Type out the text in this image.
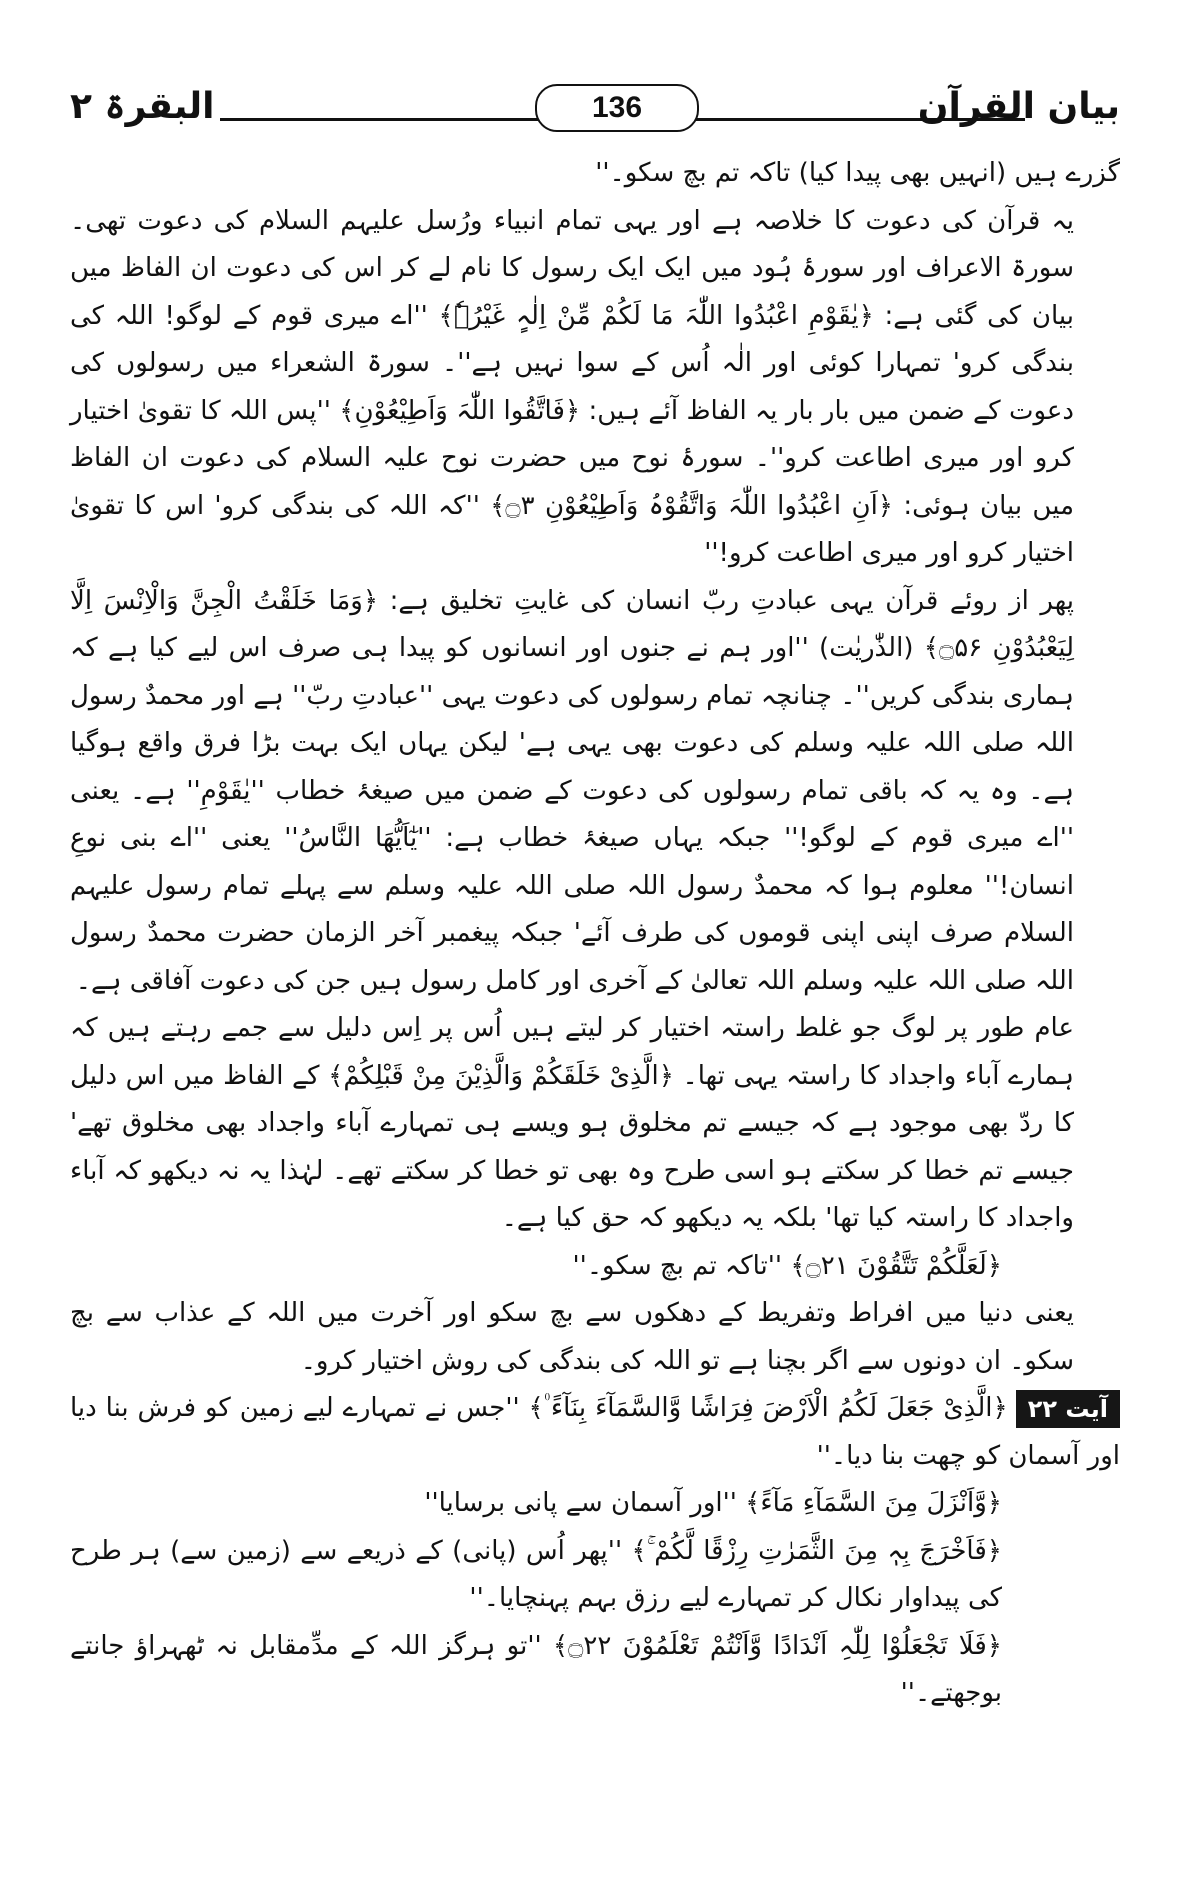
بیان القرآن
136
البقرۃ ۲

گزرے ہیں (انہیں بھی پیدا کیا) تاکہ تم بچ سکو۔''

یہ قرآن کی دعوت کا خلاصہ ہے اور یہی تمام انبیاء ورُسل علیہم السلام کی دعوت تھی۔ سورۃ الاعراف اور سورۂ ہُود میں ایک ایک رسول کا نام لے کر اس کی دعوت ان الفاظ میں بیان کی گئی ہے: ﴿یٰقَوْمِ اعْبُدُوا اللّٰہَ مَا لَکُمْ مِّنْ اِلٰہٍ غَیْرُہٗ﴾ ''اے میری قوم کے لوگو! اللہ کی بندگی کرو' تمہارا کوئی اور الٰہ اُس کے سوا نہیں ہے''۔ سورۃ الشعراء میں رسولوں کی دعوت کے ضمن میں بار بار یہ الفاظ آئے ہیں: ﴿فَاتَّقُوا اللّٰہَ وَاَطِیْعُوْنِ﴾ ''پس اللہ کا تقویٰ اختیار کرو اور میری اطاعت کرو''۔ سورۂ نوح میں حضرت نوح علیہ السلام کی دعوت ان الفاظ میں بیان ہوئی: ﴿اَنِ اعْبُدُوا اللّٰہَ وَاتَّقُوْہُ وَاَطِیْعُوْنِ ۝۳﴾ ''کہ اللہ کی بندگی کرو' اس کا تقویٰ اختیار کرو اور میری اطاعت کرو!''

پھر از روئے قرآن یہی عبادتِ ربّ انسان کی غایتِ تخلیق ہے: ﴿وَمَا خَلَقْتُ الْجِنَّ وَالْاِنْسَ اِلَّا لِیَعْبُدُوْنِ ۝۵۶﴾ (الذّٰریٰت) ''اور ہم نے جنوں اور انسانوں کو پیدا ہی صرف اس لیے کیا ہے کہ ہماری بندگی کریں''۔ چنانچہ تمام رسولوں کی دعوت یہی ''عبادتِ ربّ'' ہے اور محمدٌ رسول اللہ صلی اللہ علیہ وسلم کی دعوت بھی یہی ہے' لیکن یہاں ایک بہت بڑا فرق واقع ہوگیا ہے۔ وہ یہ کہ باقی تمام رسولوں کی دعوت کے ضمن میں صیغۂ خطاب ''یٰقَوْمِ'' ہے۔ یعنی ''اے میری قوم کے لوگو!'' جبکہ یہاں صیغۂ خطاب ہے: ''یٰٓاَیُّھَا النَّاسُ'' یعنی ''اے بنی نوعِ انسان!'' معلوم ہوا کہ محمدٌ رسول اللہ صلی اللہ علیہ وسلم سے پہلے تمام رسول علیہم السلام صرف اپنی اپنی قوموں کی طرف آئے' جبکہ پیغمبر آخر الزمان حضرت محمدٌ رسول اللہ صلی اللہ علیہ وسلم اللہ تعالیٰ کے آخری اور کامل رسول ہیں جن کی دعوت آفاقی ہے۔

عام طور پر لوگ جو غلط راستہ اختیار کر لیتے ہیں اُس پر اِس دلیل سے جمے رہتے ہیں کہ ہمارے آباء واجداد کا راستہ یہی تھا۔ ﴿الَّذِیْ خَلَقَکُمْ وَالَّذِیْنَ مِنْ قَبْلِکُمْ﴾ کے الفاظ میں اس دلیل کا ردّ بھی موجود ہے کہ جیسے تم مخلوق ہو ویسے ہی تمہارے آباء واجداد بھی مخلوق تھے' جیسے تم خطا کر سکتے ہو اسی طرح وہ بھی تو خطا کر سکتے تھے۔ لہٰذا یہ نہ دیکھو کہ آباء واجداد کا راستہ کیا تھا' بلکہ یہ دیکھو کہ حق کیا ہے۔

﴿لَعَلَّکُمْ تَتَّقُوْنَ ۝۲۱﴾ ''تاکہ تم بچ سکو۔''

یعنی دنیا میں افراط وتفریط کے دھکوں سے بچ سکو اور آخرت میں اللہ کے عذاب سے بچ سکو۔ ان دونوں سے اگر بچنا ہے تو اللہ کی بندگی کی روش اختیار کرو۔

آیت ۲۲﴿الَّذِیْ جَعَلَ لَکُمُ الْاَرْضَ فِرَاشًا وَّالسَّمَآءَ بِنَآءً ۠﴾ ''جس نے تمہارے لیے زمین کو فرش بنا دیا اور آسمان کو چھت بنا دیا۔''

﴿وَّاَنْزَلَ مِنَ السَّمَآءِ مَآءً﴾ ''اور آسمان سے پانی برسایا''

﴿فَاَخْرَجَ بِہٖ مِنَ الثَّمَرٰتِ رِزْقًا لَّکُمْ ۚ﴾ ''پھر اُس (پانی) کے ذریعے سے (زمین سے) ہر طرح کی پیداوار نکال کر تمہارے لیے رزق بہم پہنچایا۔''

﴿فَلَا تَجْعَلُوْا لِلّٰہِ اَنْدَادًا وَّاَنْتُمْ تَعْلَمُوْنَ ۝۲۲﴾ ''تو ہرگز اللہ کے مدِّمقابل نہ ٹھہراؤ جانتے بوجھتے۔''
